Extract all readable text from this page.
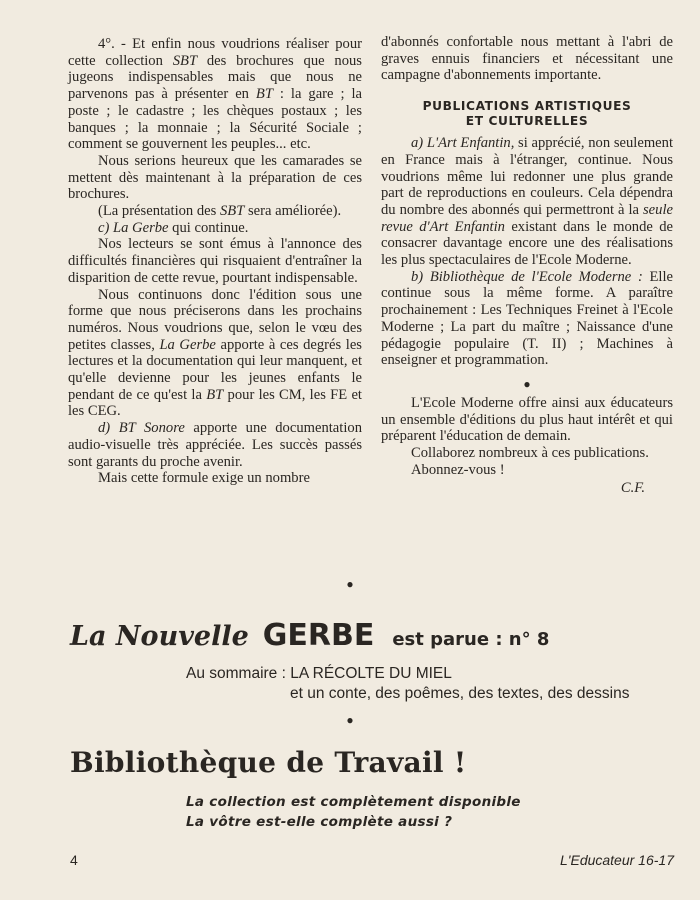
4°. - Et enfin nous voudrions réaliser pour cette collection SBT des brochures que nous jugeons indispensables mais que nous ne parvenons pas à présenter en BT : la gare ; la poste ; le cadastre ; les chèques postaux ; les banques ; la monnaie ; la Sécurité Sociale ; comment se gouvernent les peuples... etc.

Nous serions heureux que les camarades se mettent dès maintenant à la préparation de ces brochures.

(La présentation des SBT sera améliorée).

c) La Gerbe qui continue.

Nos lecteurs se sont émus à l'annonce des difficultés financières qui risquaient d'entraîner la disparition de cette revue, pourtant indispensable.

Nous continuons donc l'édition sous une forme que nous préciserons dans les prochains numéros. Nous voudrions que, selon le vœu des petites classes, La Gerbe apporte à ces degrés les lectures et la documentation qui leur manquent, et qu'elle devienne pour les jeunes enfants le pendant de ce qu'est la BT pour les CM, les FE et les CEG.

d) BT Sonore apporte une documentation audio-visuelle très appréciée. Les succès passés sont garants du proche avenir.

Mais cette formule exige un nombre

d'abonnés confortable nous mettant à l'abri de graves ennuis financiers et nécessitant une campagne d'abonnements importante.

PUBLICATIONS ARTISTIQUES
ET CULTURELLES

a) L'Art Enfantin, si apprécié, non seulement en France mais à l'étranger, continue. Nous voudrions même lui redonner une plus grande part de reproductions en couleurs. Cela dépendra du nombre des abonnés qui permettront à la seule revue d'Art Enfantin existant dans le monde de consacrer davantage encore une des réalisations les plus spectaculaires de l'Ecole Moderne.

b) Bibliothèque de l'Ecole Moderne : Elle continue sous la même forme. A paraître prochainement : Les Techniques Freinet à l'Ecole Moderne ; La part du maître ; Naissance d'une pédagogie populaire (T. II) ; Machines à enseigner et programmation.

●

L'Ecole Moderne offre ainsi aux éducateurs un ensemble d'éditions du plus haut intérêt et qui préparent l'éducation de demain.

Collaborez nombreux à ces publications.

Abonnez-vous !

C.F.

●
La Nouvelle GERBE est parue : n° 8
Au sommaire : LA RÉCOLTE DU MIEL
et un conte, des poêmes, des textes, des dessins
●
Bibliothèque de Travail !
La collection est complètement disponible
La vôtre est-elle complète aussi ?
4	L'Educateur 16-17
